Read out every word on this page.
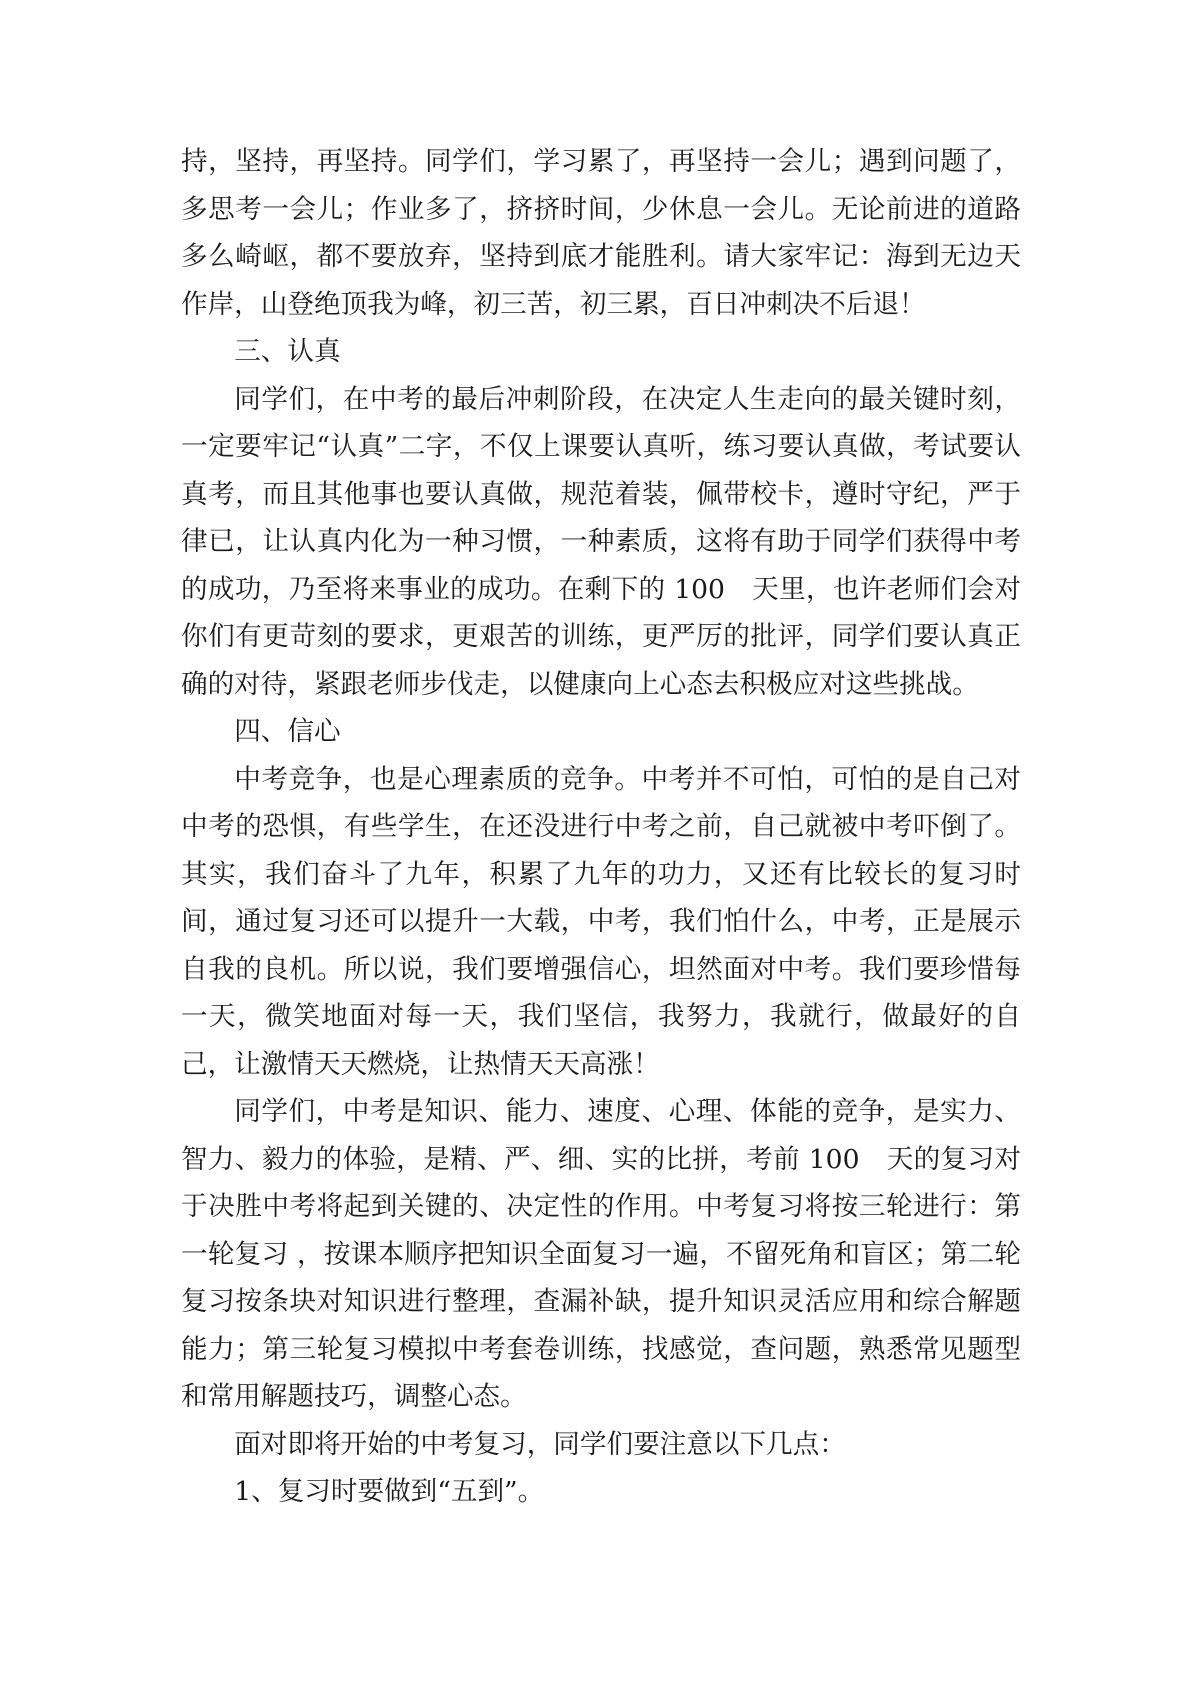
持，坚持，再坚持。同学们，学习累了，再坚持一会儿；遇到问题了，多思考一会儿；作业多了，挤挤时间，少休息一会儿。无论前进的道路多么崎岖，都不要放弃，坚持到底才能胜利。请大家牢记：海到无边天作岸，山登绝顶我为峰，初三苦，初三累，百日冲刺决不后退！

三、认真

同学们，在中考的最后冲刺阶段，在决定人生走向的最关键时刻，一定要牢记“认真”二字，不仅上课要认真听，练习要认真做，考试要认真考，而且其他事也要认真做，规范着装，佩带校卡，遵时守纪，严于律已，让认真内化为一种习惯，一种素质，这将有助于同学们获得中考的成功，乃至将来事业的成功。在剩下的 100　天里，也许老师们会对你们有更苛刻的要求，更艰苦的训练，更严厉的批评，同学们要认真正确的对待，紧跟老师步伐走，以健康向上心态去积极应对这些挑战。

四、信心

中考竞争，也是心理素质的竞争。中考并不可怕，可怕的是自己对中考的恐惧，有些学生，在还没进行中考之前，自己就被中考吓倒了。其实，我们奋斗了九年，积累了九年的功力，又还有比较长的复习时间，通过复习还可以提升一大载，中考，我们怕什么，中考，正是展示自我的良机。所以说，我们要增强信心，坦然面对中考。我们要珍惜每一天，微笑地面对每一天，我们坚信，我努力，我就行，做最好的自己，让激情天天燃烧，让热情天天高涨！

同学们，中考是知识、能力、速度、心理、体能的竞争，是实力、智力、毅力的体验，是精、严、细、实的比拼，考前 100　天的复习对于决胜中考将起到关键的、决定性的作用。中考复习将按三轮进行：第一轮复习 ，按课本顺序把知识全面复习一遍，不留死角和盲区；第二轮复习按条块对知识进行整理，查漏补缺，提升知识灵活应用和综合解题能力；第三轮复习模拟中考套卷训练，找感觉，查问题，熟悉常见题型和常用解题技巧，调整心态。

面对即将开始的中考复习，同学们要注意以下几点：

1、复习时要做到“五到”。
